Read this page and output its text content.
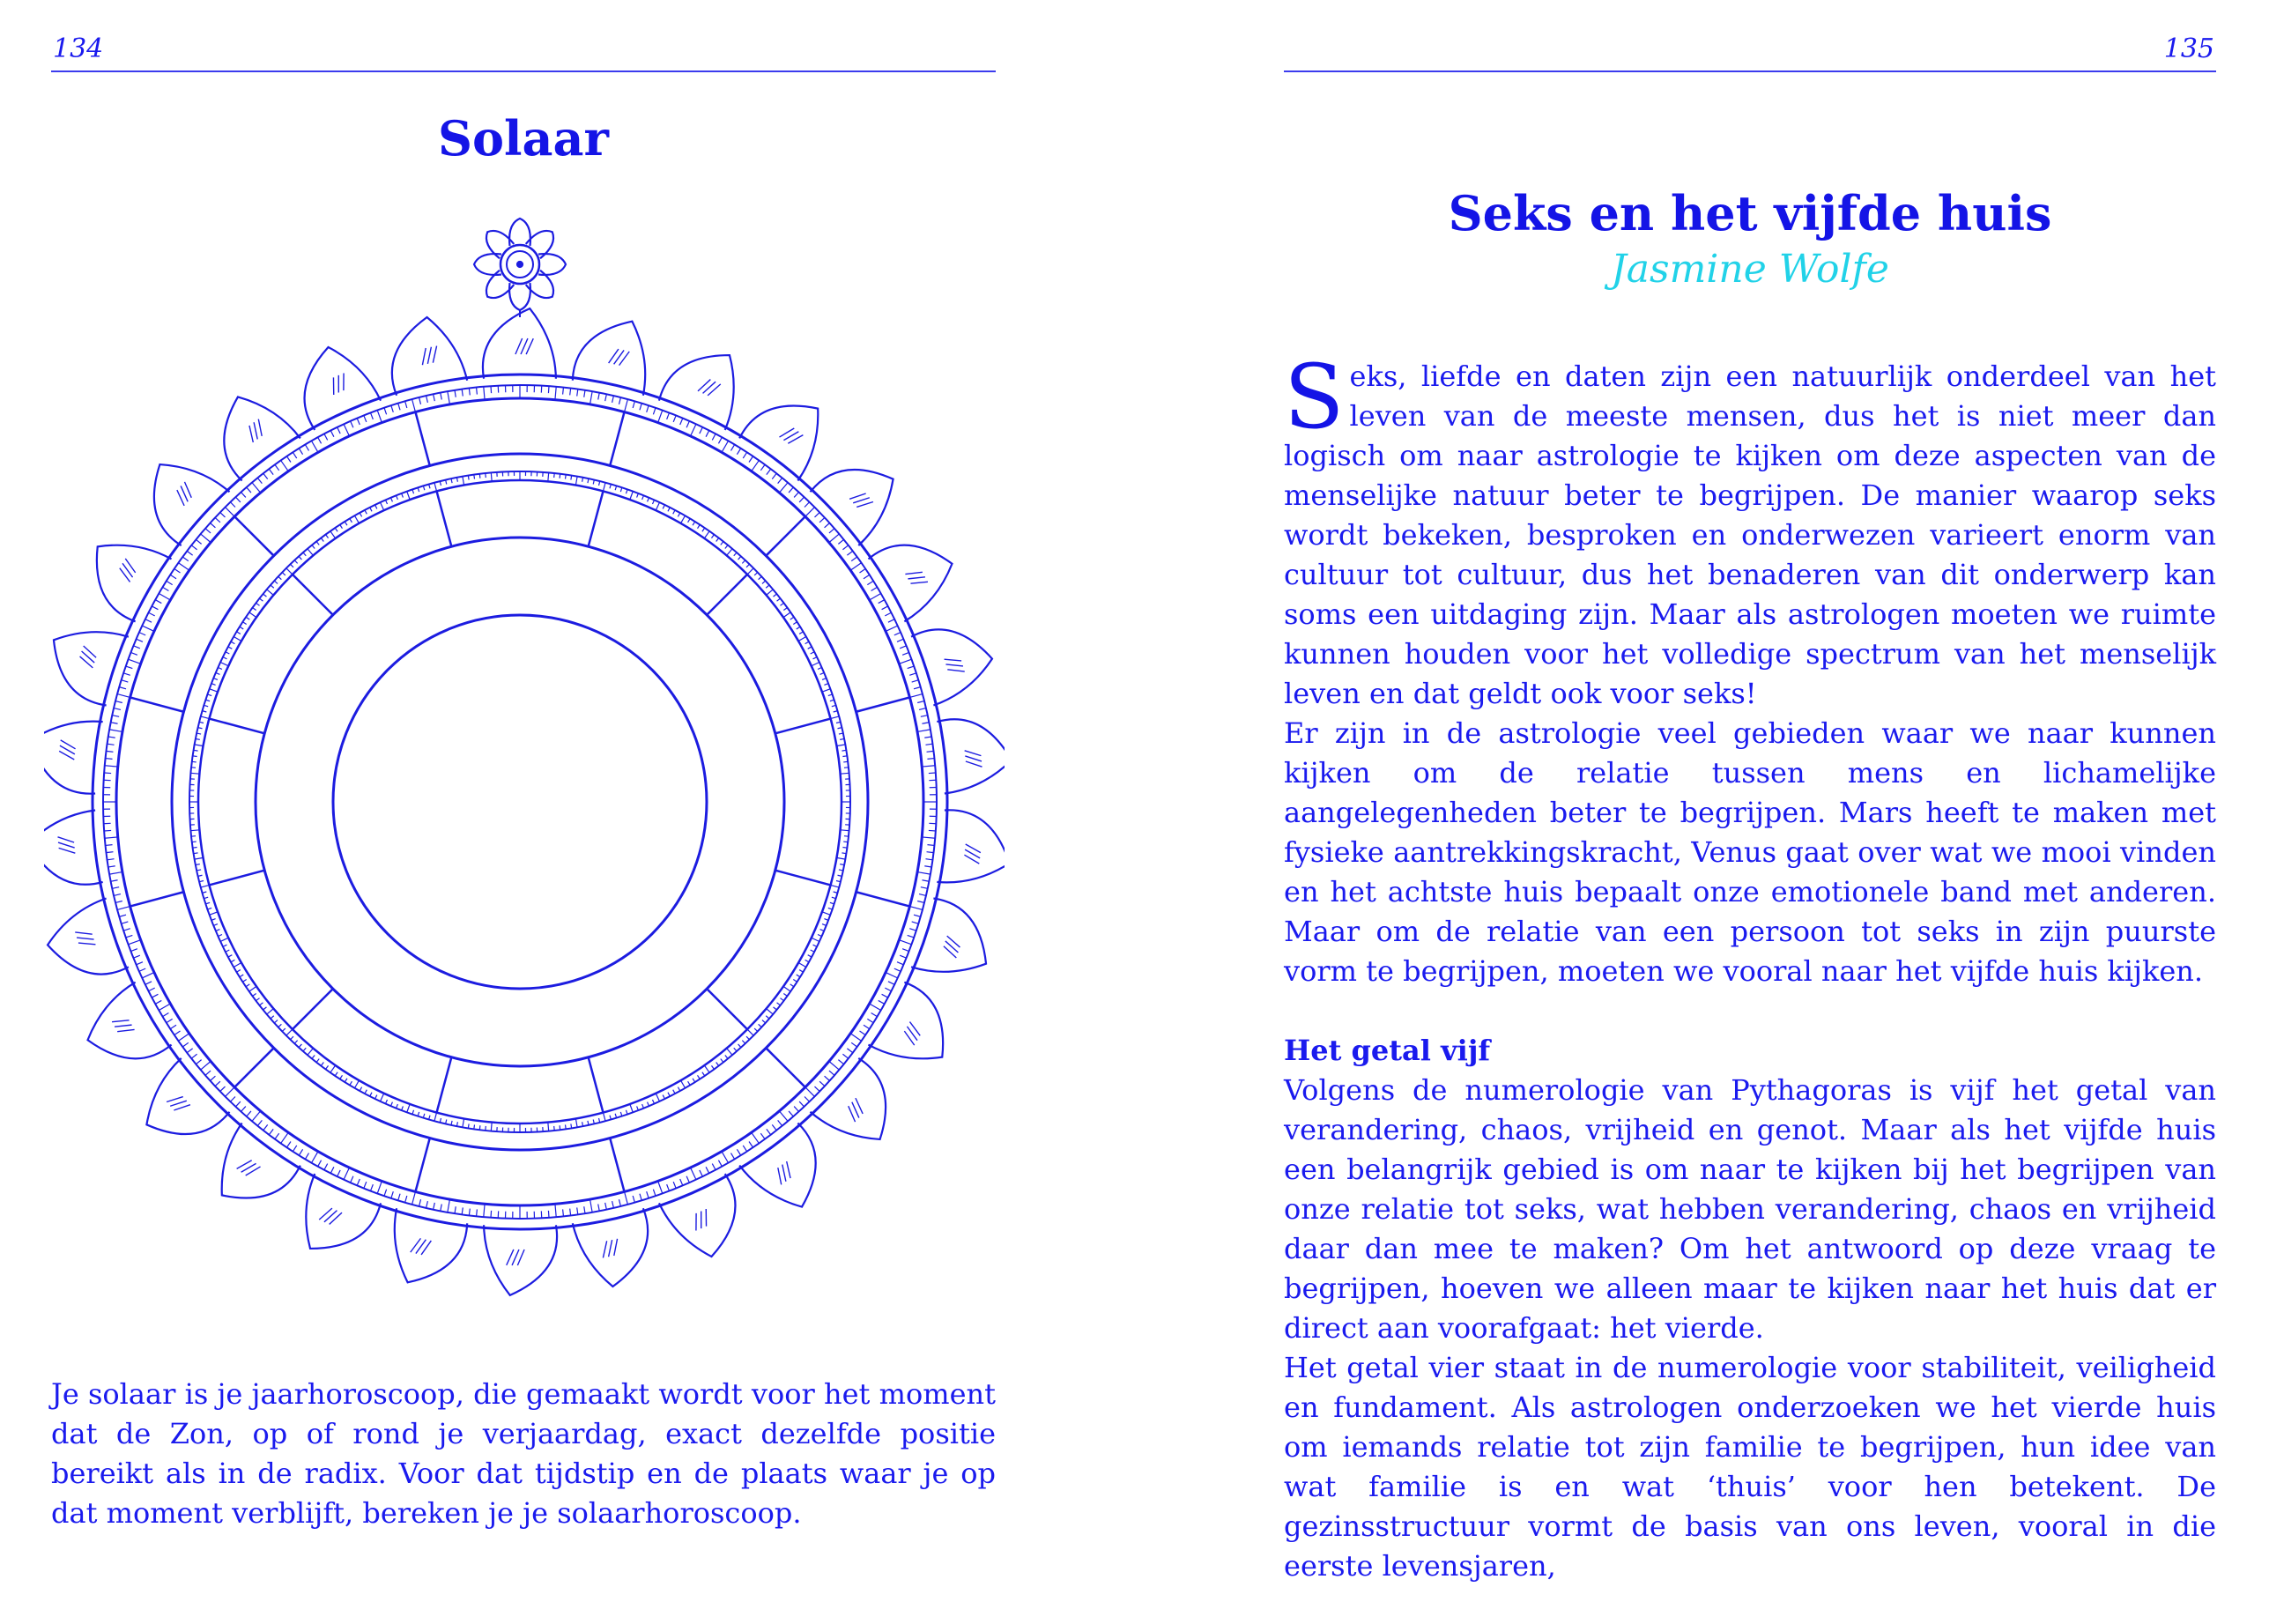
134
Solaar

Je solaar is je jaarhoroscoop, die gemaakt wordt voor het moment dat de Zon, op of rond je verjaardag, exact dezelfde positie bereikt als in de radix. Voor dat tijdstip en de plaats waar je op dat moment verblijft, bereken je je solaarhoroscoop.

135
Seks en het vijfde huis
Jasmine Wolfe

Seks, liefde en daten zijn een natuurlijk onderdeel van het leven van de meeste mensen, dus het is niet meer dan logisch om naar astrologie te kijken om deze aspecten van de menselijke natuur beter te begrijpen. De manier waarop seks wordt bekeken, besproken en onderwezen varieert enorm van cultuur tot cultuur, dus het benaderen van dit onderwerp kan soms een uitdaging zijn. Maar als astrologen moeten we ruimte kunnen houden voor het volledige spectrum van het menselijk leven en dat geldt ook voor seks!

Er zijn in de astrologie veel gebieden waar we naar kunnen kijken om de relatie tussen mens en lichamelijke aangelegenheden beter te begrijpen. Mars heeft te maken met fysieke aantrekkingskracht, Venus gaat over wat we mooi vinden en het achtste huis bepaalt onze emotionele band met anderen. Maar om de relatie van een persoon tot seks in zijn puurste vorm te begrijpen, moeten we vooral naar het vijfde huis kijken.

Het getal vijf

Volgens de numerologie van Pythagoras is vijf het getal van verandering, chaos, vrijheid en genot. Maar als het vijfde huis een belangrijk gebied is om naar te kijken bij het begrijpen van onze relatie tot seks, wat hebben verandering, chaos en vrijheid daar dan mee te maken? Om het antwoord op deze vraag te begrijpen, hoeven we alleen maar te kijken naar het huis dat er direct aan voorafgaat: het vierde.

Het getal vier staat in de numerologie voor stabiliteit, veiligheid en fundament. Als astrologen onderzoeken we het vierde huis om iemands relatie tot zijn familie te begrijpen, hun idee van wat familie is en wat ‘thuis’ voor hen betekent. De gezinsstructuur vormt de basis van ons leven, vooral in die eerste levensjaren,
